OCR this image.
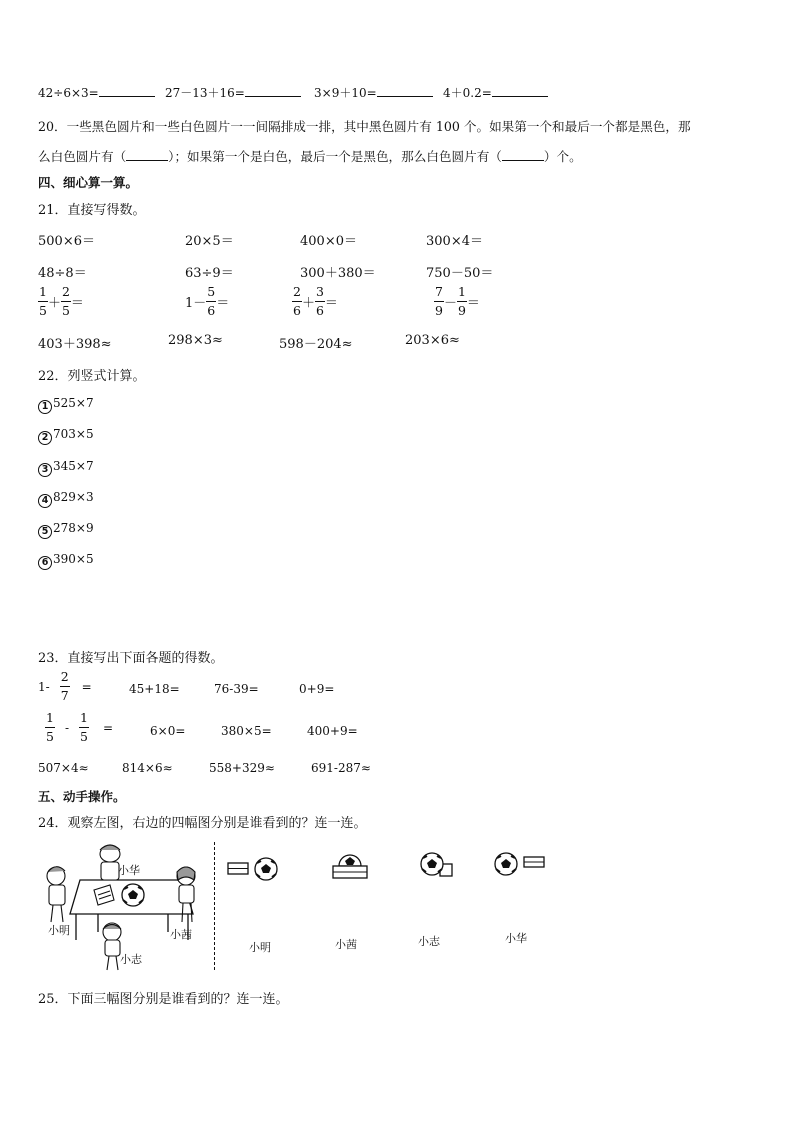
42÷6×3=	27－13＋16=	3×9＋10=	4＋0.2=
20．一些黑色圆片和一些白色圆片一一间隔排成一排，其中黑色圆片有 100 个。如果第一个和最后一个都是黑色，那
么白色圆片有（	）；如果第一个是白色，最后一个是黑色，那么白色圆片有（	）个。
四、细心算一算。
21．直接写得数。
500×6＝	20×5＝	400×0＝	300×4＝
48÷8＝	63÷9＝	300＋380＝	750－50＝
$\frac{1}{5} + \frac{2}{5}$ ＝	$1- \frac{5}{6}$ ＝	$\frac{2}{6} + \frac{3}{6}$ ＝	$\frac{7}{9} - \frac{1}{9}$ ＝
403＋398≈	298×3≈	598－204≈	203×6≈
22．列竖式计算。
1 525×7
2 703×5
3 345×7
4 829×3
5 278×9
6 390×5
23．直接写出下面各题的得数。
$1- \frac{2}{7}$ =	45+18=	76-39=	0+9=
$\frac{1}{5} - \frac{1}{5}$ =	6×0=	380×5=	400+9=
507×4≈	814×6≈	558+329≈	691-287≈
五、动手操作。
24．观察左图，右边的四幅图分别是谁看到的？连一连。
小华
小明	小茜
小志
小明	小茜	小志	小华
25．下面三幅图分别是谁看到的？连一连。
